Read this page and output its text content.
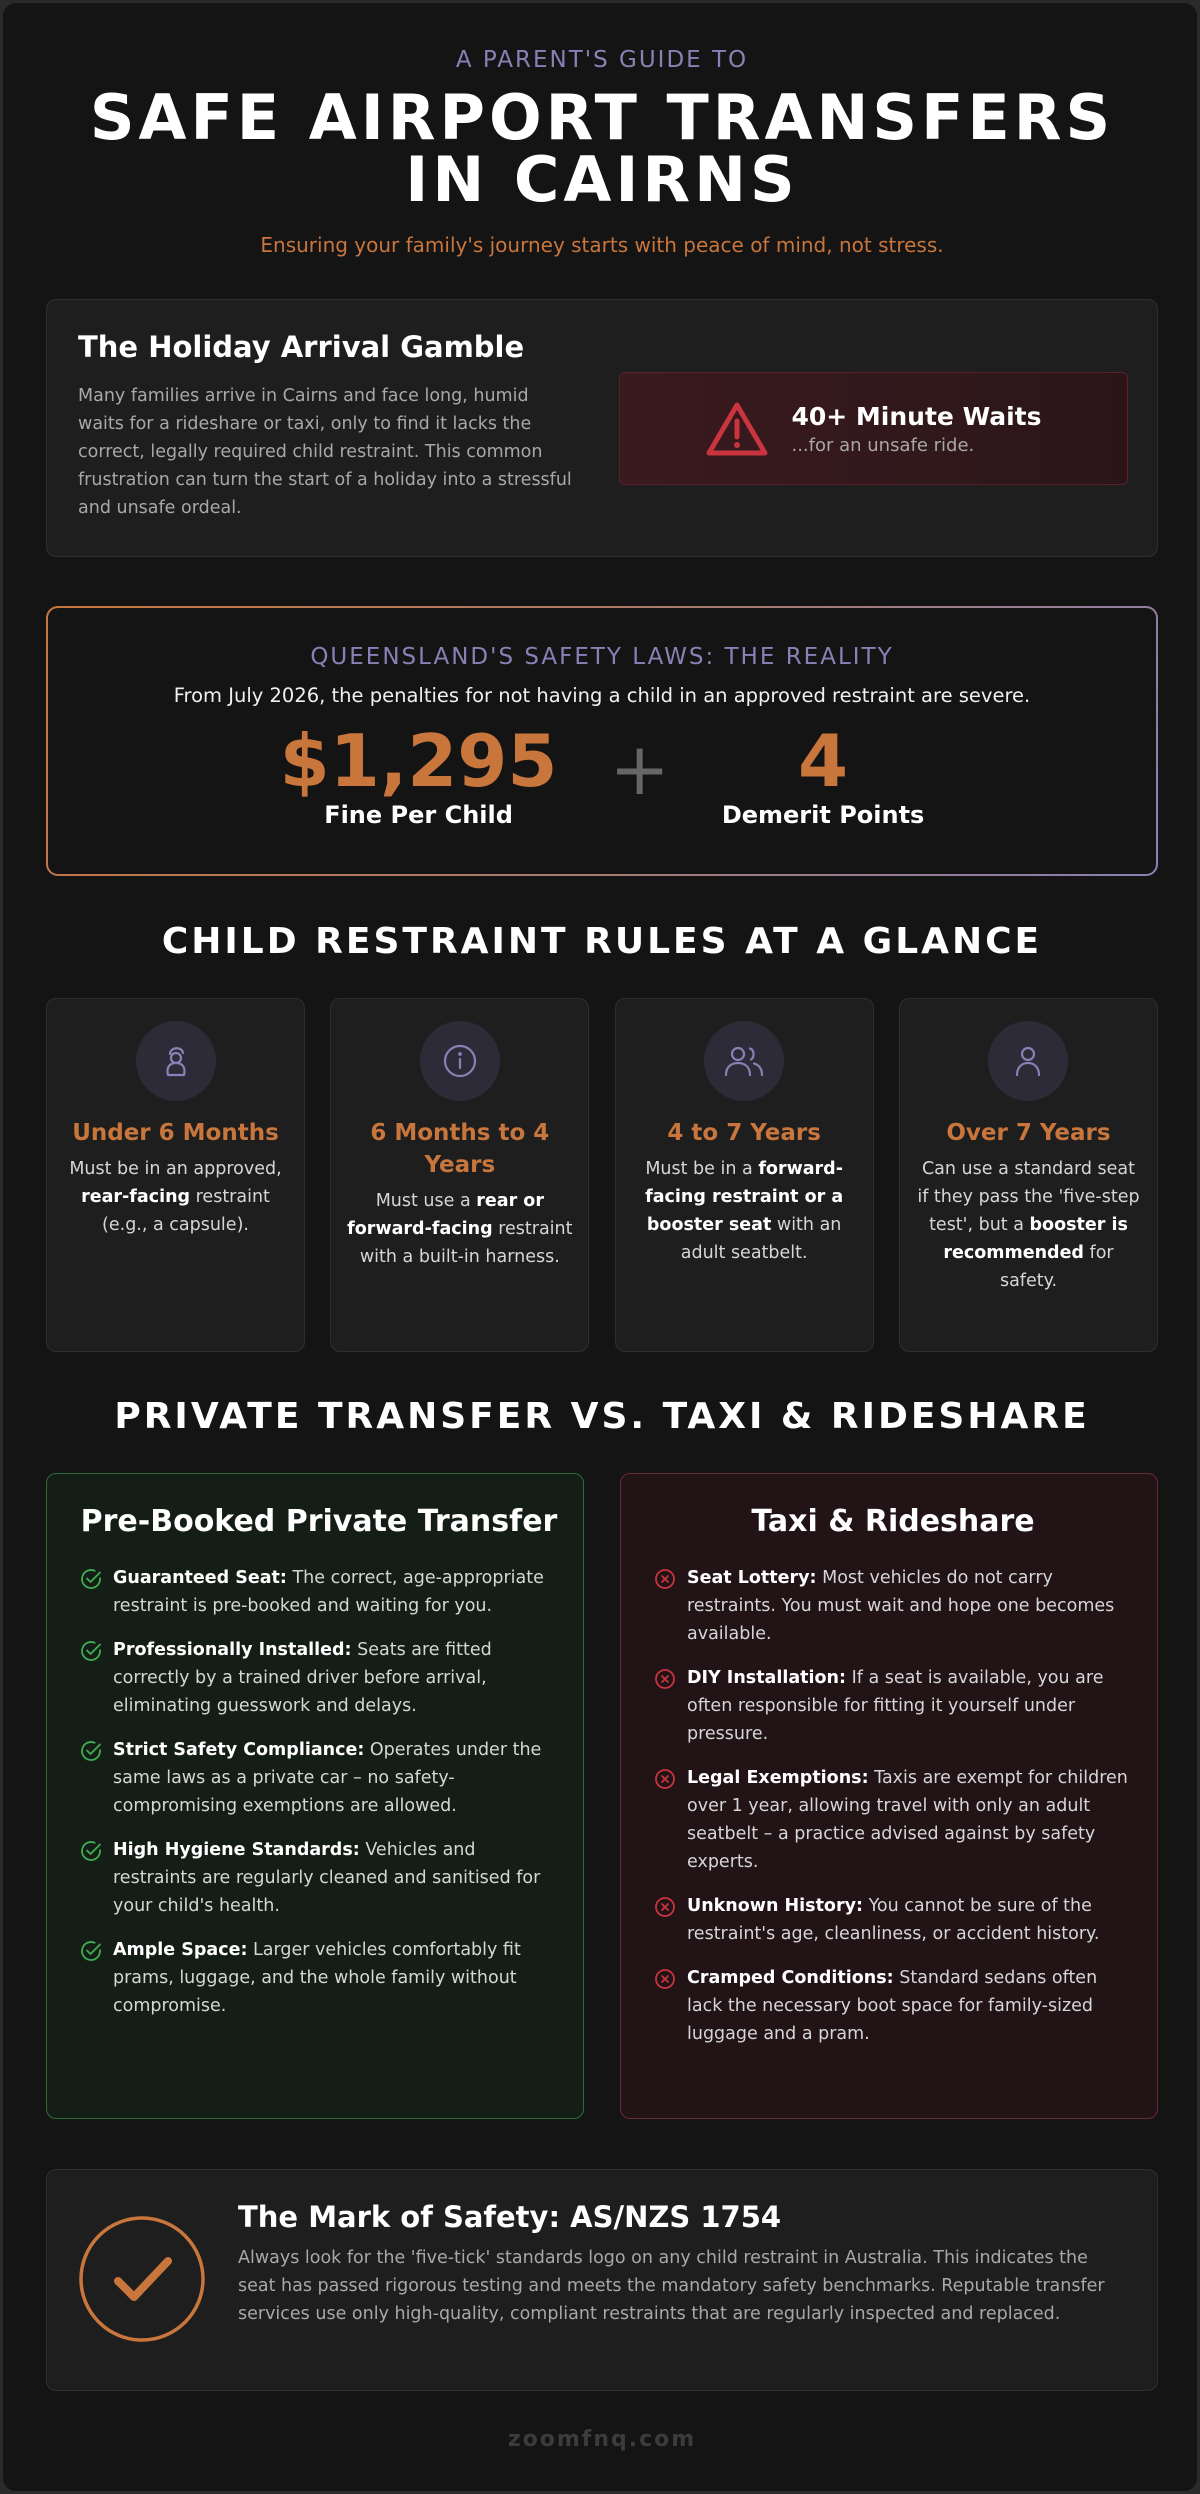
A PARENT'S GUIDE TO
SAFE AIRPORT TRANSFERS IN CAIRNS
Ensuring your family's journey starts with peace of mind, not stress.
The Holiday Arrival Gamble
Many families arrive in Cairns and face long, humid waits for a rideshare or taxi, only to find it lacks the correct, legally required child restraint. This common frustration can turn the start of a holiday into a stressful and unsafe ordeal.
40+ Minute Waits
...for an unsafe ride.
QUEENSLAND'S SAFETY LAWS: THE REALITY
From July 2026, the penalties for not having a child in an approved restraint are severe.
$1,295
Fine Per Child
+	4
Demerit Points
CHILD RESTRAINT RULES AT A GLANCE
Under 6 Months
Must be in an approved, rear-facing restraint (e.g., a capsule).
6 Months to 4 Years
Must use a rear or forward-facing restraint with a built-in harness.
4 to 7 Years
Must be in a forward-facing restraint or a booster seat with an adult seatbelt.
Over 7 Years
Can use a standard seat if they pass the 'five-step test', but a booster is recommended for safety.
PRIVATE TRANSFER VS. TAXI & RIDESHARE
Pre-Booked Private Transfer
Guaranteed Seat: The correct, age-appropriate restraint is pre-booked and waiting for you.
Professionally Installed: Seats are fitted correctly by a trained driver before arrival, eliminating guesswork and delays.
Strict Safety Compliance: Operates under the same laws as a private car – no safety-compromising exemptions are allowed.
High Hygiene Standards: Vehicles and restraints are regularly cleaned and sanitised for your child's health.
Ample Space: Larger vehicles comfortably fit prams, luggage, and the whole family without compromise.
Taxi & Rideshare
Seat Lottery: Most vehicles do not carry restraints. You must wait and hope one becomes available.
DIY Installation: If a seat is available, you are often responsible for fitting it yourself under pressure.
Legal Exemptions: Taxis are exempt for children over 1 year, allowing travel with only an adult seatbelt – a practice advised against by safety experts.
Unknown History: You cannot be sure of the restraint's age, cleanliness, or accident history.
Cramped Conditions: Standard sedans often lack the necessary boot space for family-sized luggage and a pram.
The Mark of Safety: AS/NZS 1754
Always look for the 'five-tick' standards logo on any child restraint in Australia. This indicates the seat has passed rigorous testing and meets the mandatory safety benchmarks. Reputable transfer services use only high-quality, compliant restraints that are regularly inspected and replaced.
zoomfnq.com
